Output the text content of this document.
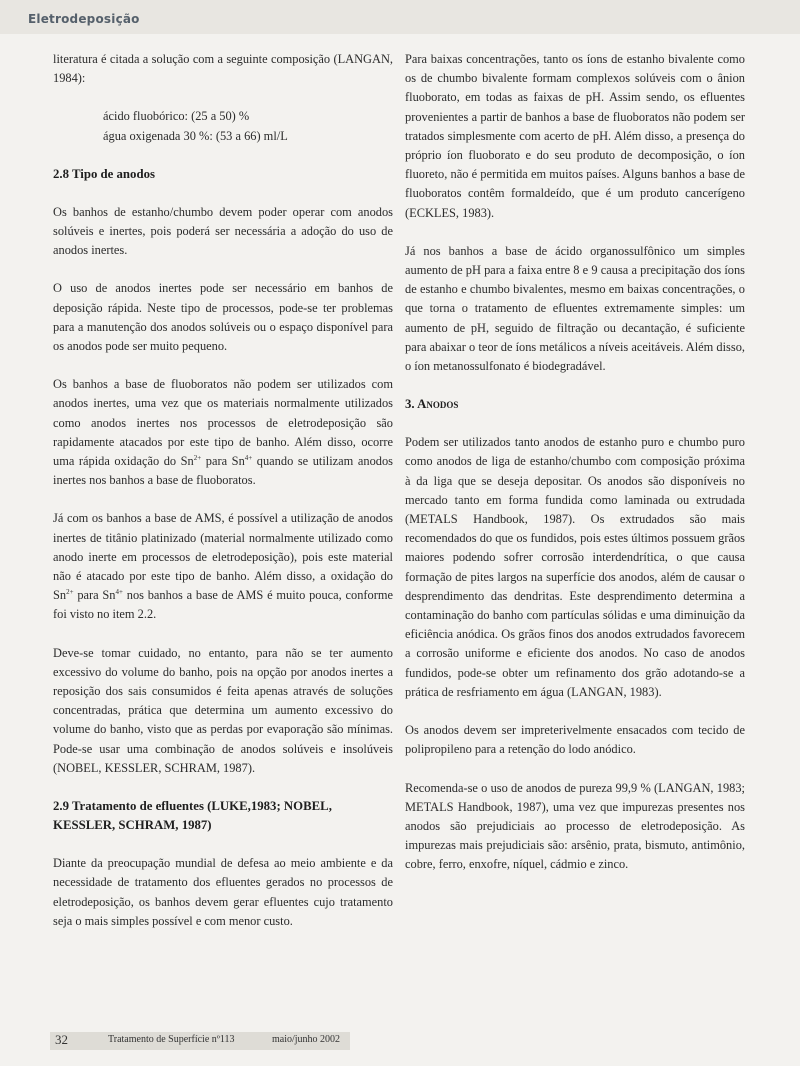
Eletrodeposição

literatura é citada a solução com a seguinte composição (LANGAN, 1984):

ácido fluobórico: (25 a 50) %

água oxigenada 30 %: (53 a 66) ml/L

2.8 Tipo de anodos

Os banhos de estanho/chumbo devem poder operar com anodos solúveis e inertes, pois poderá ser necessária a adoção do uso de anodos inertes.

O uso de anodos inertes pode ser necessário em banhos de deposição rápida. Neste tipo de processos, pode-se ter problemas para a manutenção dos anodos solúveis ou o espaço disponível para os anodos pode ser muito pequeno.

Os banhos a base de fluoboratos não podem ser utilizados com anodos inertes, uma vez que os materiais normalmente utilizados como anodos inertes nos processos de eletrodeposição são rapidamente atacados por este tipo de banho. Além disso, ocorre uma rápida oxidação do $Sn^{2+}$ para $Sn^{4+}$ quando se utilizam anodos inertes nos banhos a base de fluoboratos.

Já com os banhos a base de AMS, é possível a utilização de anodos inertes de titânio platinizado (material normalmente utilizado como anodo inerte em processos de eletrodeposição), pois este material não é atacado por este tipo de banho. Além disso, a oxidação do $Sn^{2+}$ para $Sn^{4+}$ nos banhos a base de AMS é muito pouca, conforme foi visto no item 2.2.

Deve-se tomar cuidado, no entanto, para não se ter aumento excessivo do volume do banho, pois na opção por anodos inertes a reposição dos sais consumidos é feita apenas através de soluções concentradas, prática que determina um aumento excessivo do volume do banho, visto que as perdas por evaporação são mínimas. Pode-se usar uma combinação de anodos solúveis e insolúveis (NOBEL, KESSLER, SCHRAM, 1987).

2.9 Tratamento de efluentes (LUKE,1983; NOBEL, KESSLER, SCHRAM, 1987)

Diante da preocupação mundial de defesa ao meio ambiente e da necessidade de tratamento dos efluentes gerados no processos de eletrodeposição, os banhos devem gerar efluentes cujo tratamento seja o mais simples possível e com menor custo.

Para baixas concentrações, tanto os íons de estanho bivalente como os de chumbo bivalente formam complexos solúveis com o ânion fluoborato, em todas as faixas de pH. Assim sendo, os efluentes provenientes a partir de banhos a base de fluoboratos não podem ser tratados simplesmente com acerto de pH. Além disso, a presença do próprio íon fluoborato e do seu produto de decomposição, o íon fluoreto, não é permitida em muitos países. Alguns banhos a base de fluoboratos contêm formaldeído, que é um produto cancerígeno (ECKLES, 1983).

Já nos banhos a base de ácido organossulfônico um simples aumento de pH para a faixa entre 8 e 9 causa a precipitação dos íons de estanho e chumbo bivalentes, mesmo em baixas concentrações, o que torna o tratamento de efluentes extremamente simples: um aumento de pH, seguido de filtração ou decantação, é suficiente para abaixar o teor de íons metálicos a níveis aceitáveis. Além disso, o íon metanossulfonato é biodegradável.

3. Anodos

Podem ser utilizados tanto anodos de estanho puro e chumbo puro como anodos de liga de estanho/chumbo com composição próxima à da liga que se deseja depositar. Os anodos são disponíveis no mercado tanto em forma fundida como laminada ou extrudada (METALS Handbook, 1987). Os extrudados são mais recomendados do que os fundidos, pois estes últimos possuem grãos maiores podendo sofrer corrosão interdendrítica, o que causa formação de pites largos na superfície dos anodos, além de causar o desprendimento das dendritas. Este desprendimento determina a contaminação do banho com partículas sólidas e uma diminuição da eficiência anódica. Os grãos finos dos anodos extrudados favorecem a corrosão uniforme e eficiente dos anodos. No caso de anodos fundidos, pode-se obter um refinamento dos grão adotando-se a prática de resfriamento em água (LANGAN, 1983).

Os anodos devem ser impreterivelmente ensacados com tecido de polipropileno para a retenção do lodo anódico.

Recomenda-se o uso de anodos de pureza 99,9 % (LANGAN, 1983; METALS Handbook, 1987), uma vez que impurezas presentes nos anodos são prejudiciais ao processo de eletrodeposição. As impurezas mais prejudiciais são: arsênio, prata, bismuto, antimônio, cobre, ferro, enxofre, níquel, cádmio e zinco.

32	Tratamento de Superfície nº113	maio/junho 2002
